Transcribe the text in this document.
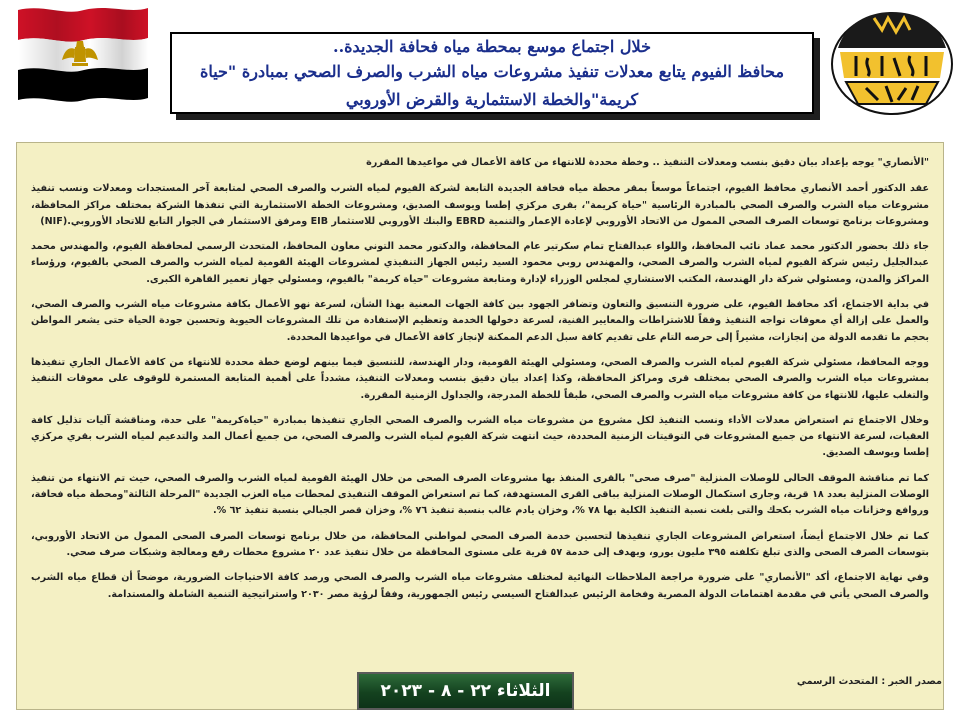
خلال اجتماع موسع بمحطة مياه فحافة الجديدة..
محافظ الفيوم يتابع معدلات تنفيذ مشروعات مياه الشرب والصرف الصحي بمبادرة "حياة كريمة"والخطة الاستثمارية والقرض الأوروبي

"الأنصاري" يوجه بإعداد بيان دقيق بنسب ومعدلات التنفيذ .. وخطة محددة للانتهاء من كافة الأعمال في مواعيدها المقررة

عقد الدكتور أحمد الأنصاري محافظ الفيوم، اجتماعاً موسعاً بمقر محطة مياه فحافة الجديدة التابعة لشركة الفيوم لمياه الشرب والصرف الصحي لمتابعة آخر المستجدات ومعدلات ونسب تنفيذ مشروعات مياه الشرب والصرف الصحي بالمبادرة الرئاسية "حياة كريمة"، بقرى مركزي إطسا ويوسف الصديق، ومشروعات الخطة الاستثمارية التي تنفذها الشركة بمختلف مراكز المحافظة، ومشروعات برنامج توسعات الصرف الصحي الممول من الاتحاد الأوروبي لإعادة الإعمار والتنمية EBRD والبنك الأوروبي للاستثمار EIB ومرفق الاستثمار في الجوار التابع للاتحاد الأوروبي.(NIF)

جاء ذلك بحضور الدكتور محمد عماد نائب المحافظ، واللواء عبدالفتاح تمام سكرتير عام المحافظة، والدكتور محمد التوني معاون المحافظ، المتحدث الرسمي لمحافظة الفيوم، والمهندس محمد عبدالجليل رئيس شركة الفيوم لمياه الشرب والصرف الصحي، والمهندس روبي محمود السيد رئيس الجهاز التنفيذي لمشروعات الهيئة القومية لمياه الشرب والصرف الصحي بالفيوم، ورؤساء المراكز والمدن، ومسئولي شركة دار الهندسة، المكتب الاستشاري لمجلس الوزراء لإدارة ومتابعة مشروعات "حياة كريمة" بالفيوم، ومسئولي جهاز تعمير القاهرة الكبرى.

في بداية الاجتماع، أكد محافظ الفيوم، على ضرورة التنسيق والتعاون وتضافر الجهود بين كافة الجهات المعنية بهذا الشأن، لسرعة نهو الأعمال بكافة مشروعات مياه الشرب والصرف الصحي، والعمل على إزالة أي معوقات تواجه التنفيذ وفقاً للاشتراطات والمعايير الفنية، لسرعة دخولها الخدمة وتعظيم الإستفادة من تلك المشروعات الحيوية وتحسين جودة الحياة حتى يشعر المواطن بحجم ما تقدمه الدولة من إنجازات، مشيراً إلى حرصه التام على تقديم كافة سبل الدعم الممكنة لإنجاز كافة الأعمال في مواعيدها المحددة.

ووجه المحافظ، مسئولي شركة الفيوم لمياه الشرب والصرف الصحي، ومسئولي الهيئة القومية، ودار الهندسة، للتنسيق فيما بينهم لوضع خطة محددة للانتهاء من كافة الأعمال الجاري تنفيذها بمشروعات مياه الشرب والصرف الصحي بمختلف قرى ومراكز المحافظة، وكذا إعداد بيان دقيق بنسب ومعدلات التنفيذ، مشدداً على أهمية المتابعة المستمرة للوقوف على معوقات التنفيذ والتغلب عليها، للانتهاء من كافة مشروعات مياه الشرب والصرف الصحي، طبقاً للخطة المدرجة، والجداول الزمنية المقررة.

وخلال الاجتماع تم استعراض معدلات الأداء ونسب التنفيذ لكل مشروع من مشروعات مياه الشرب والصرف الصحي الجاري تنفيذها بمبادرة "حياةكريمة" على حدة، ومناقشة آليات تذليل كافة العقبات، لسرعة الانتهاء من جميع المشروعات في التوقيتات الزمنية المحددة، حيث انتهت شركة الفيوم لمياه الشرب والصرف الصحي، من جميع أعمال المد والتدعيم لمياه الشرب بقري مركزي إطسا ويوسف الصديق.

كما تم مناقشة الموقف الحالى للوصلات المنزلية "صرف صحى" بالقرى المنفذ بها مشروعات الصرف الصحى من خلال الهيئة القومية لمياه الشرب والصرف الصحي، حيث تم الانتهاء من تنفيذ الوصلات المنزلية بعدد ١٨ قرية، وجارى استكمال الوصلات المنزلية بباقى القرى المستهدفة، كما تم استعراض الموقف التنفيذى لمحطات مياه العزب الجديدة "المرحلة الثالثة"ومحطة مياه فحافة، وروافع وخزانات مياه الشرب بكحك والتى بلغت نسبة التنفيذ الكلية بها ٧٨ %، وخزان يادم غالب بنسبة تنفيذ ٧٦ %، وخزان قصر الجبالي بنسبة تنفيذ ٦٢ %.

كما تم خلال الاجتماع أيضاً، استعراض المشروعات الجاري تنفيذها لتحسين خدمة الصرف الصحي لمواطني المحافظة، من خلال برنامج توسعات الصرف الصحى الممول من الاتحاد الأوروبي، بتوسعات الصرف الصحى والذى تبلغ تكلفته ٣٩٥ مليون يورو، ويهدف إلى خدمة ٥٧ قرية على مستوى المحافظة من خلال تنفيذ عدد ٢٠ مشروع محطات رفع ومعالجة وشبكات صرف صحي.

وفي نهاية الاجتماع، أكد "الأنصاري" على ضرورة مراجعة الملاحظات النهائية لمختلف مشروعات مياه الشرب والصرف الصحي ورصد كافة الاحتياجات الضرورية، موضحاً أن قطاع مياه الشرب والصرف الصحي يأتي في مقدمة اهتمامات الدولة المصرية وفخامة الرئيس عبدالفتاح السيسي رئيس الجمهورية، وفقاً لرؤية مصر ٢٠٣٠ واستراتيجية التنمية الشاملة والمستدامة.

مصدر الخبر : المتحدث الرسمي
الثلاثاء ٢٢ - ٨ - ٢٠٢٣
